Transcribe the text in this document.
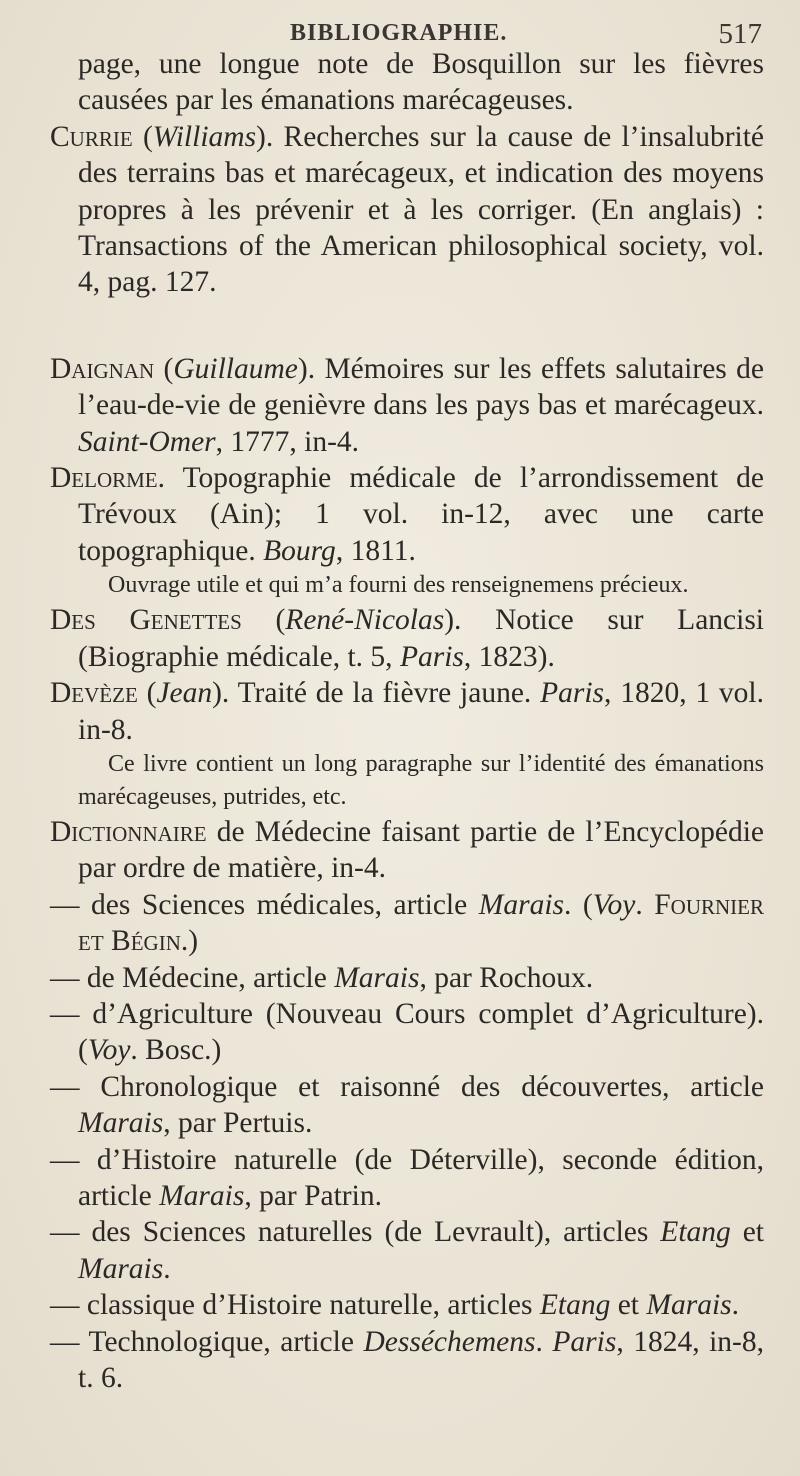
BIBLIOGRAPHIE.	517

page, une longue note de Bosquillon sur les fièvres causées par les émanations marécageuses.

Currie (Williams). Recherches sur la cause de l’insalubrité des terrains bas et marécageux, et indication des moyens propres à les prévenir et à les corriger. (En anglais) : Transactions of the American philosophical society, vol. 4, pag. 127.

Daignan (Guillaume). Mémoires sur les effets salutaires de l’eau-de-vie de genièvre dans les pays bas et marécageux. Saint-Omer, 1777, in-4.

Delorme. Topographie médicale de l’arrondissement de Trévoux (Ain); 1 vol. in-12, avec une carte topographique. Bourg, 1811.

Ouvrage utile et qui m’a fourni des renseignemens précieux.

Des Genettes (René-Nicolas). Notice sur Lancisi (Biographie médicale, t. 5, Paris, 1823).

Devèze (Jean). Traité de la fièvre jaune. Paris, 1820, 1 vol. in-8.

Ce livre contient un long paragraphe sur l’identité des émanations marécageuses, putrides, etc.

Dictionnaire de Médecine faisant partie de l’Encyclopédie par ordre de matière, in-4.

— des Sciences médicales, article Marais. (Voy. Fournier et Bégin.)

— de Médecine, article Marais, par Rochoux.

— d’Agriculture (Nouveau Cours complet d’Agriculture). (Voy. Bosc.)

— Chronologique et raisonné des découvertes, article Marais, par Pertuis.

— d’Histoire naturelle (de Déterville), seconde édition, article Marais, par Patrin.

— des Sciences naturelles (de Levrault), articles Etang et Marais.

— classique d’Histoire naturelle, articles Etang et Marais.

— Technologique, article Desséchemens. Paris, 1824, in-8, t. 6.
